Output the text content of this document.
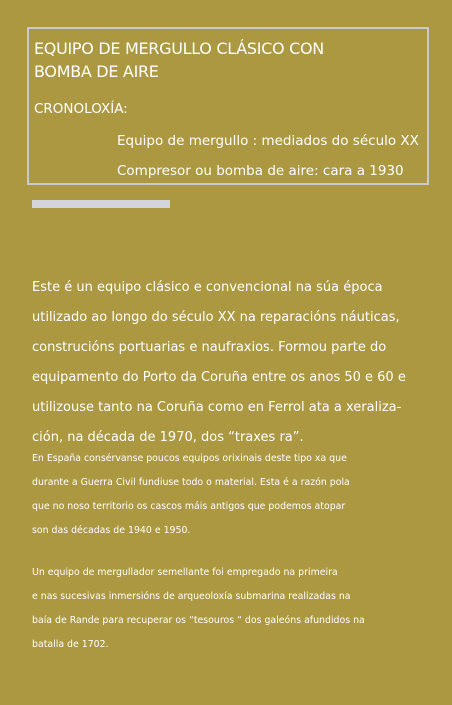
EQUIPO DE MERGULLO CLÁSICO CON
BOMBA DE AIRE

CRONOLOXÍA:

Equipo de mergullo : mediados do século XX

Compresor ou bomba de aire: cara a 1930

Este é un equipo clásico e convencional na súa época
utilizado ao longo do século XX na reparacións náuticas,
construcións portuarias e naufraxios. Formou parte do
equipamento do Porto da Coruña entre os anos 50 e 60 e
utilizouse tanto na Coruña como en Ferrol ata a xeraliza-
ción, na década de 1970, dos “traxes ra”.

En España consérvanse poucos equipos orixinais deste tipo xa que
durante a Guerra Civil fundiuse todo o material. Esta é a razón pola
que no noso territorio os cascos máis antigos que podemos atopar
son das décadas de 1940 e 1950.

Un equipo de mergullador semellante foi empregado na primeira
e nas sucesivas inmersións de arqueoloxía submarina realizadas na
baía de Rande para recuperar os “tesouros “ dos galeóns afundidos na
batalla de 1702.
